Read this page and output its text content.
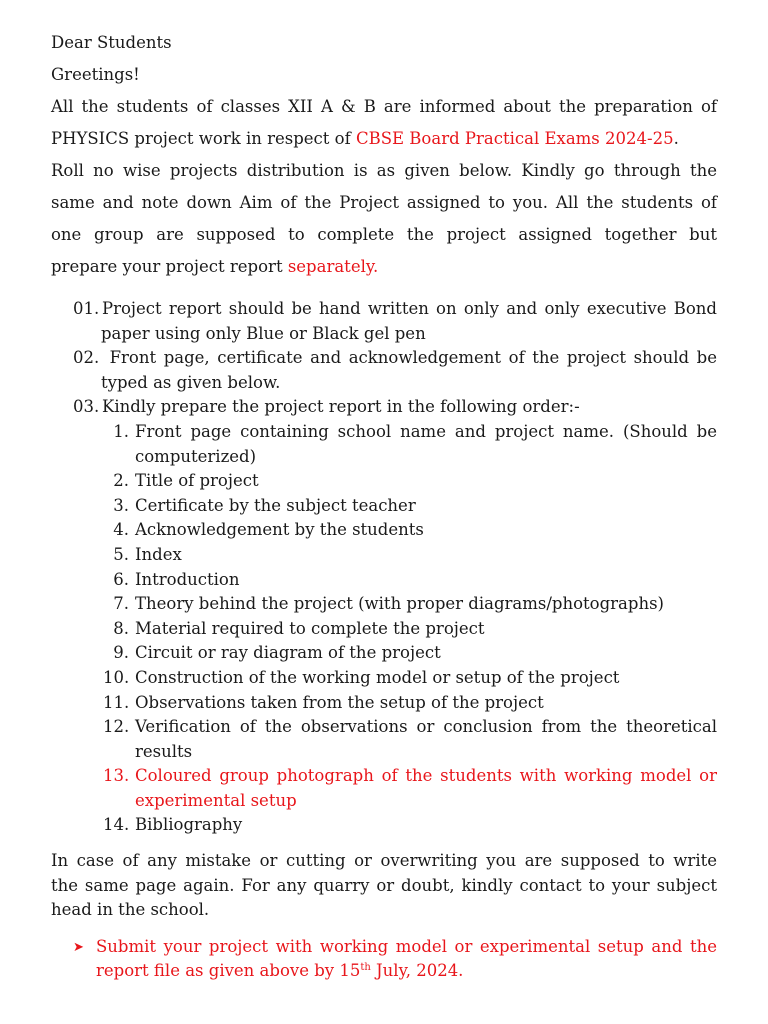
Dear Students
Greetings!
All the students of classes XII A & B are informed about the preparation of
PHYSICS project work in respect of CBSE Board Practical Exams 2024-25.
Roll no wise projects distribution is as given below. Kindly go through the
same and note down Aim of the Project assigned to you. All the students of
one group are supposed to complete the project assigned together but
prepare your project report separately.
01. Project report should be hand written on only and only executive Bond
paper using only Blue or Black gel pen
02. Front page, certificate and acknowledgement of the project should be
typed as given below.
03. Kindly prepare the project report in the following order:-
1. Front page containing school name and project name. (Should be
computerized)
2. Title of project
3. Certificate by the subject teacher
4. Acknowledgement by the students
5. Index
6. Introduction
7. Theory behind the project (with proper diagrams/photographs)
8. Material required to complete the project
9. Circuit or ray diagram of the project
10. Construction of the working model or setup of the project
11. Observations taken from the setup of the project
12. Verification of the observations or conclusion from the theoretical
results
13. Coloured group photograph of the students with working model or
experimental setup
14. Bibliography
In case of any mistake or cutting or overwriting you are supposed to write
the same page again. For any quarry or doubt, kindly contact to your subject
head in the school.
➤ Submit your project with working model or experimental setup and the
report file as given above by 15th July, 2024.
